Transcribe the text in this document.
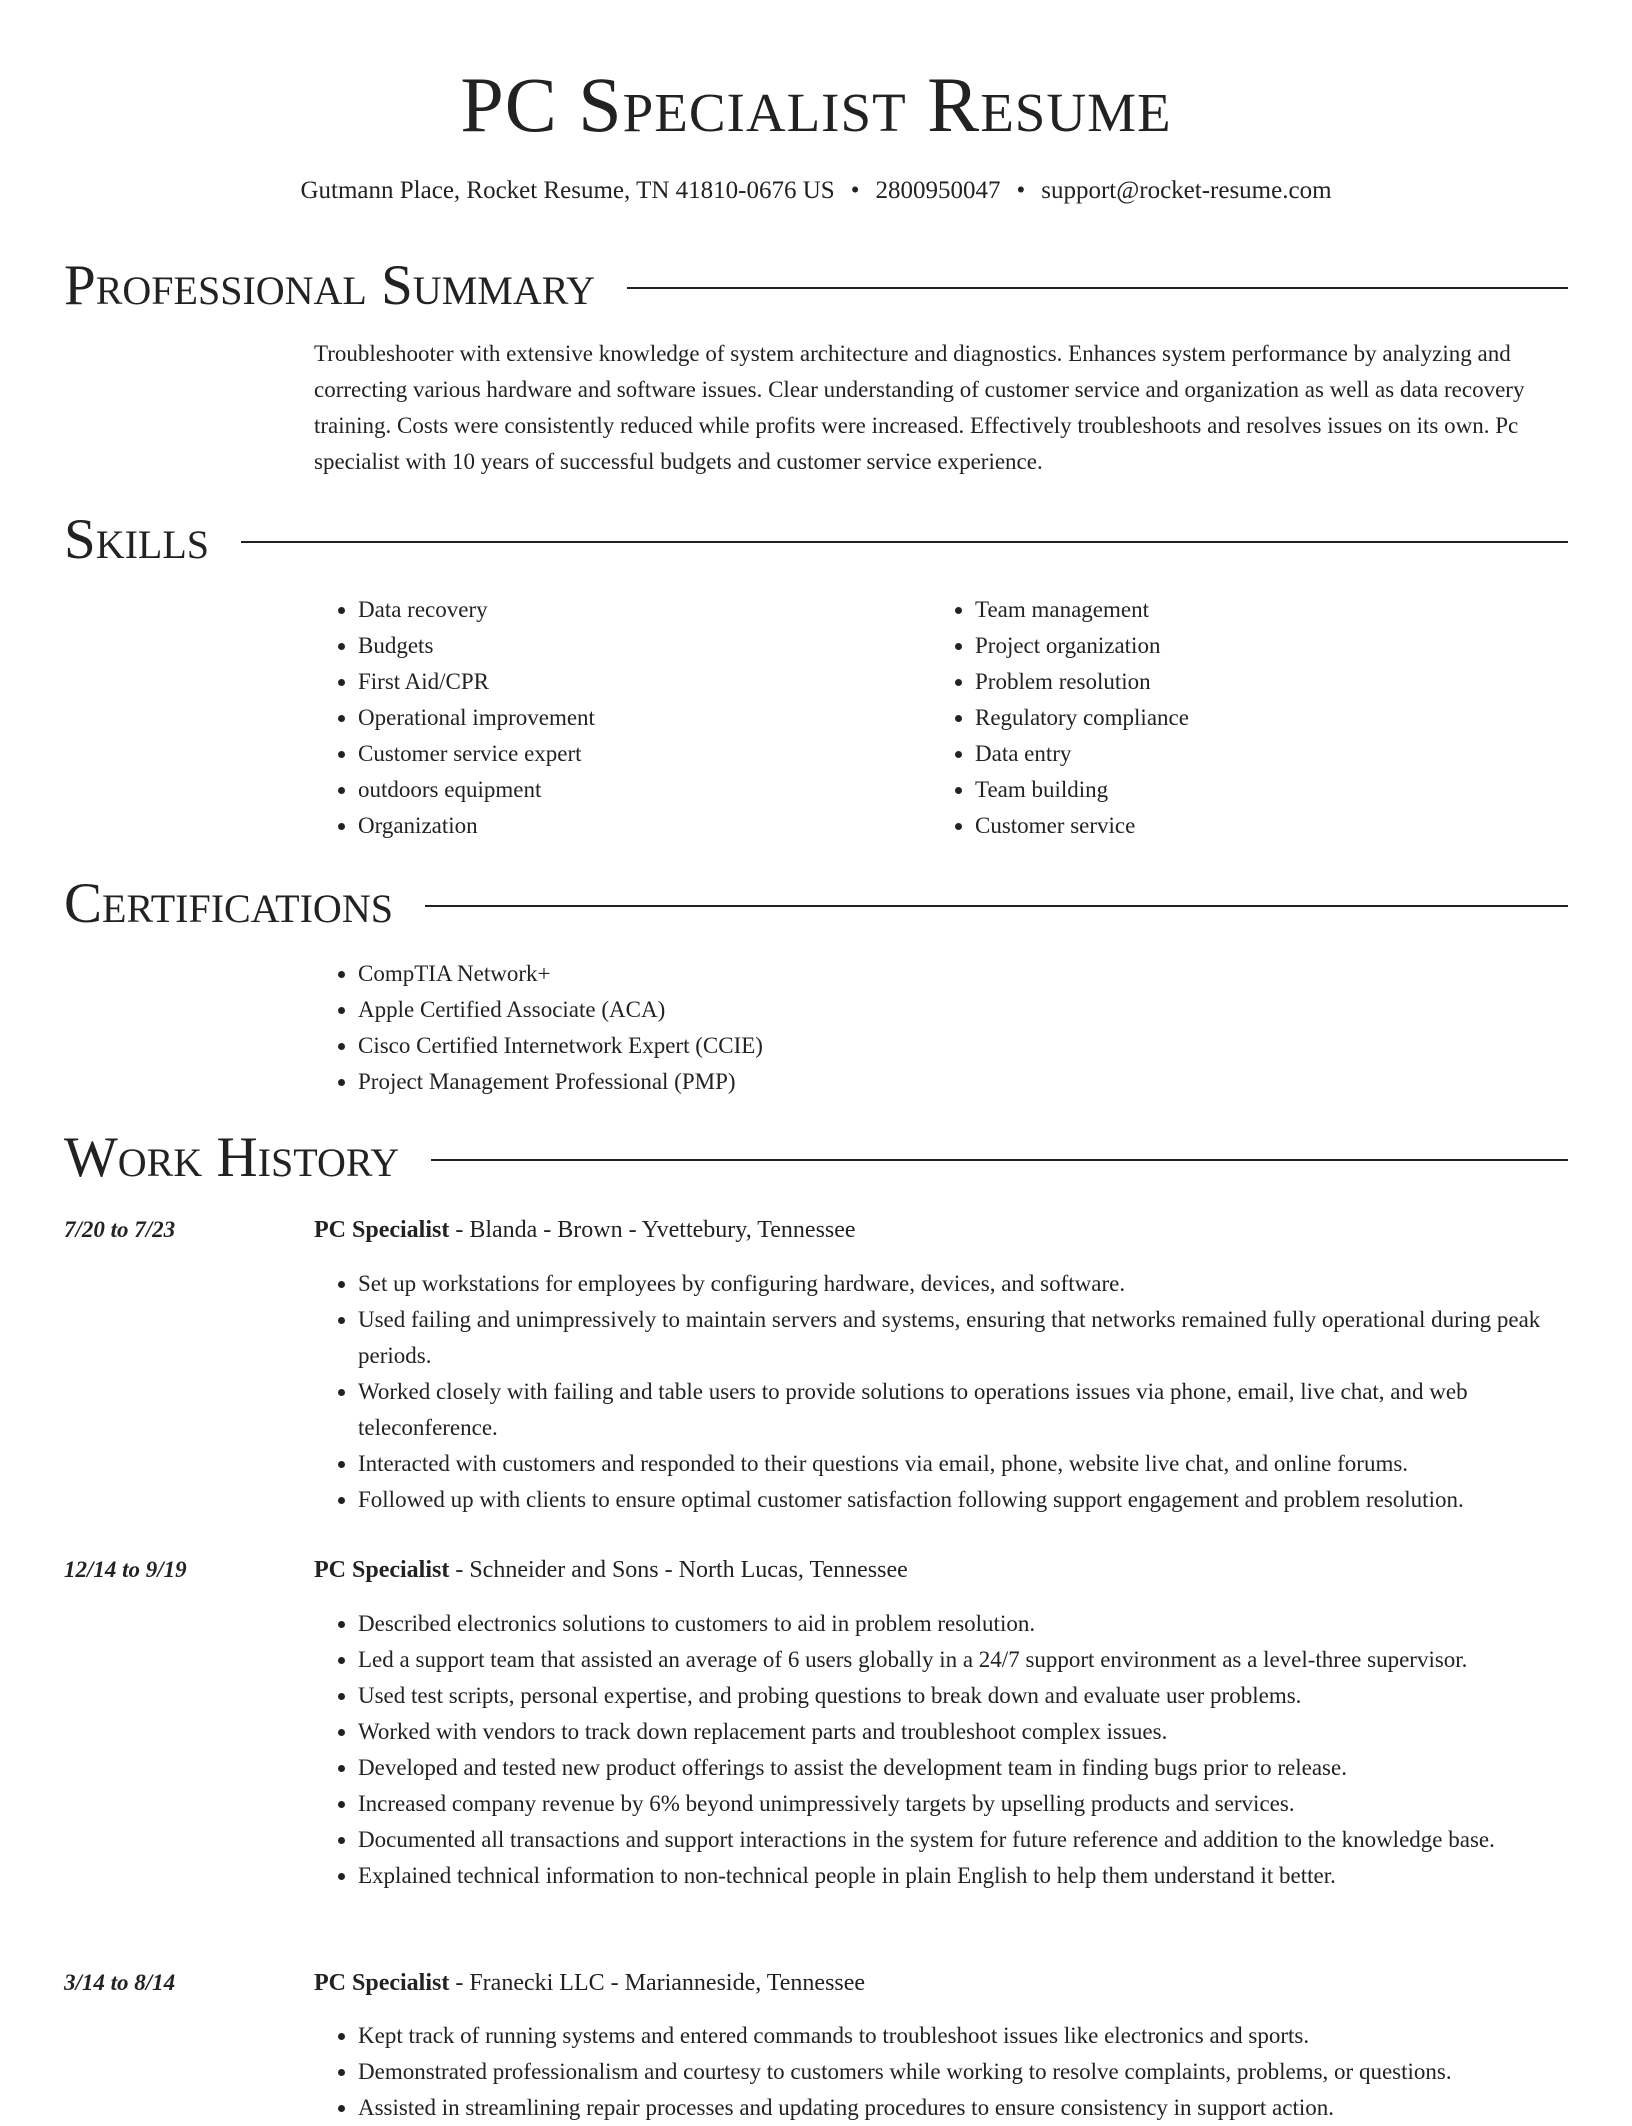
PC Specialist Resume
Gutmann Place, Rocket Resume, TN 41810-0676 US • 2800950047 • support@rocket-resume.com
Professional Summary

Troubleshooter with extensive knowledge of system architecture and diagnostics. Enhances system performance by analyzing and correcting various hardware and software issues. Clear understanding of customer service and organization as well as data recovery training. Costs were consistently reduced while profits were increased. Effectively troubleshoots and resolves issues on its own. Pc specialist with 10 years of successful budgets and customer service experience.

Skills
• Data recovery
• Budgets
• First Aid/CPR
• Operational improvement
• Customer service expert
• outdoors equipment
• Organization
• Team management
• Project organization
• Problem resolution
• Regulatory compliance
• Data entry
• Team building
• Customer service
Certifications
• CompTIA Network+
• Apple Certified Associate (ACA)
• Cisco Certified Internetwork Expert (CCIE)
• Project Management Professional (PMP)
Work History
7/20 to 7/23	PC Specialist - Blanda - Brown - Yvettebury, Tennessee
• Set up workstations for employees by configuring hardware, devices, and software.
• Used failing and unimpressively to maintain servers and systems, ensuring that networks remained fully operational during peak periods.
• Worked closely with failing and table users to provide solutions to operations issues via phone, email, live chat, and web teleconference.
• Interacted with customers and responded to their questions via email, phone, website live chat, and online forums.
• Followed up with clients to ensure optimal customer satisfaction following support engagement and problem resolution.
12/14 to 9/19	PC Specialist - Schneider and Sons - North Lucas, Tennessee
• Described electronics solutions to customers to aid in problem resolution.
• Led a support team that assisted an average of 6 users globally in a 24/7 support environment as a level-three supervisor.
• Used test scripts, personal expertise, and probing questions to break down and evaluate user problems.
• Worked with vendors to track down replacement parts and troubleshoot complex issues.
• Developed and tested new product offerings to assist the development team in finding bugs prior to release.
• Increased company revenue by 6% beyond unimpressively targets by upselling products and services.
• Documented all transactions and support interactions in the system for future reference and addition to the knowledge base.
• Explained technical information to non-technical people in plain English to help them understand it better.
3/14 to 8/14	PC Specialist - Franecki LLC - Marianneside, Tennessee
• Kept track of running systems and entered commands to troubleshoot issues like electronics and sports.
• Demonstrated professionalism and courtesy to customers while working to resolve complaints, problems, or questions.
• Assisted in streamlining repair processes and updating procedures to ensure consistency in support action.
